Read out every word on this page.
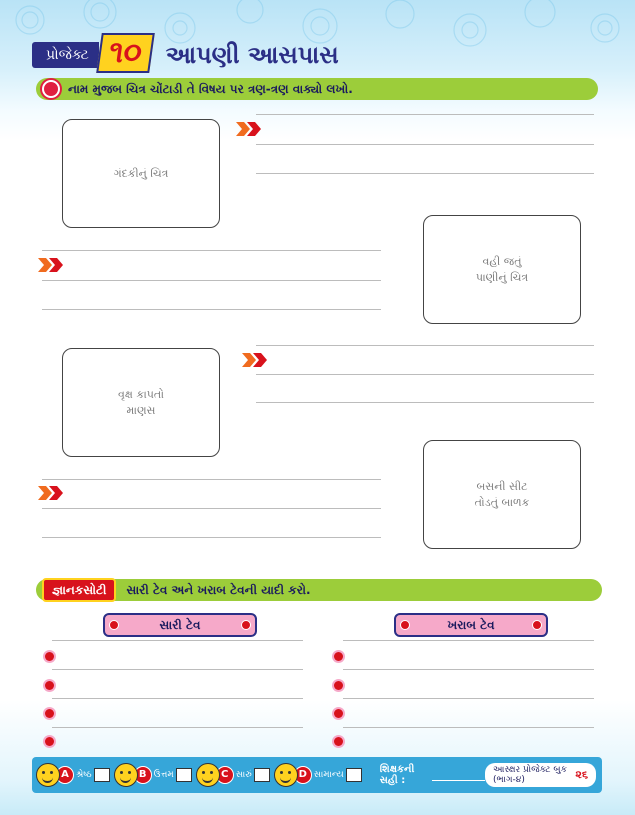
પ્રોજેક્ટ ૧૦ આપણી આસપાસ
નામ મુજબ ચિત્ર ચોંટાડી તે વિષય પર ત્રણ-ત્રણ વાક્યો લખો.
ગંદકીનું ચિત્ર
વહી જતું
પાણીનું ચિત્ર
વૃક્ષ કાપતો
માણસ
બસની સીટ
તોડતું બાળક
જ્ઞાનકસોટી	સારી ટેવ અને ખરાબ ટેવની યાદી કરો.
સારી ટેવ	ખરાબ ટેવ
A શ્રેષ્ઠ	B ઉત્તમ	C સારું	D સામાન્ય	શિક્ષકની સહી :
આસ્ક્ષર પ્રોજેક્ટ બુક (ભાગ-૪)	૨૬
